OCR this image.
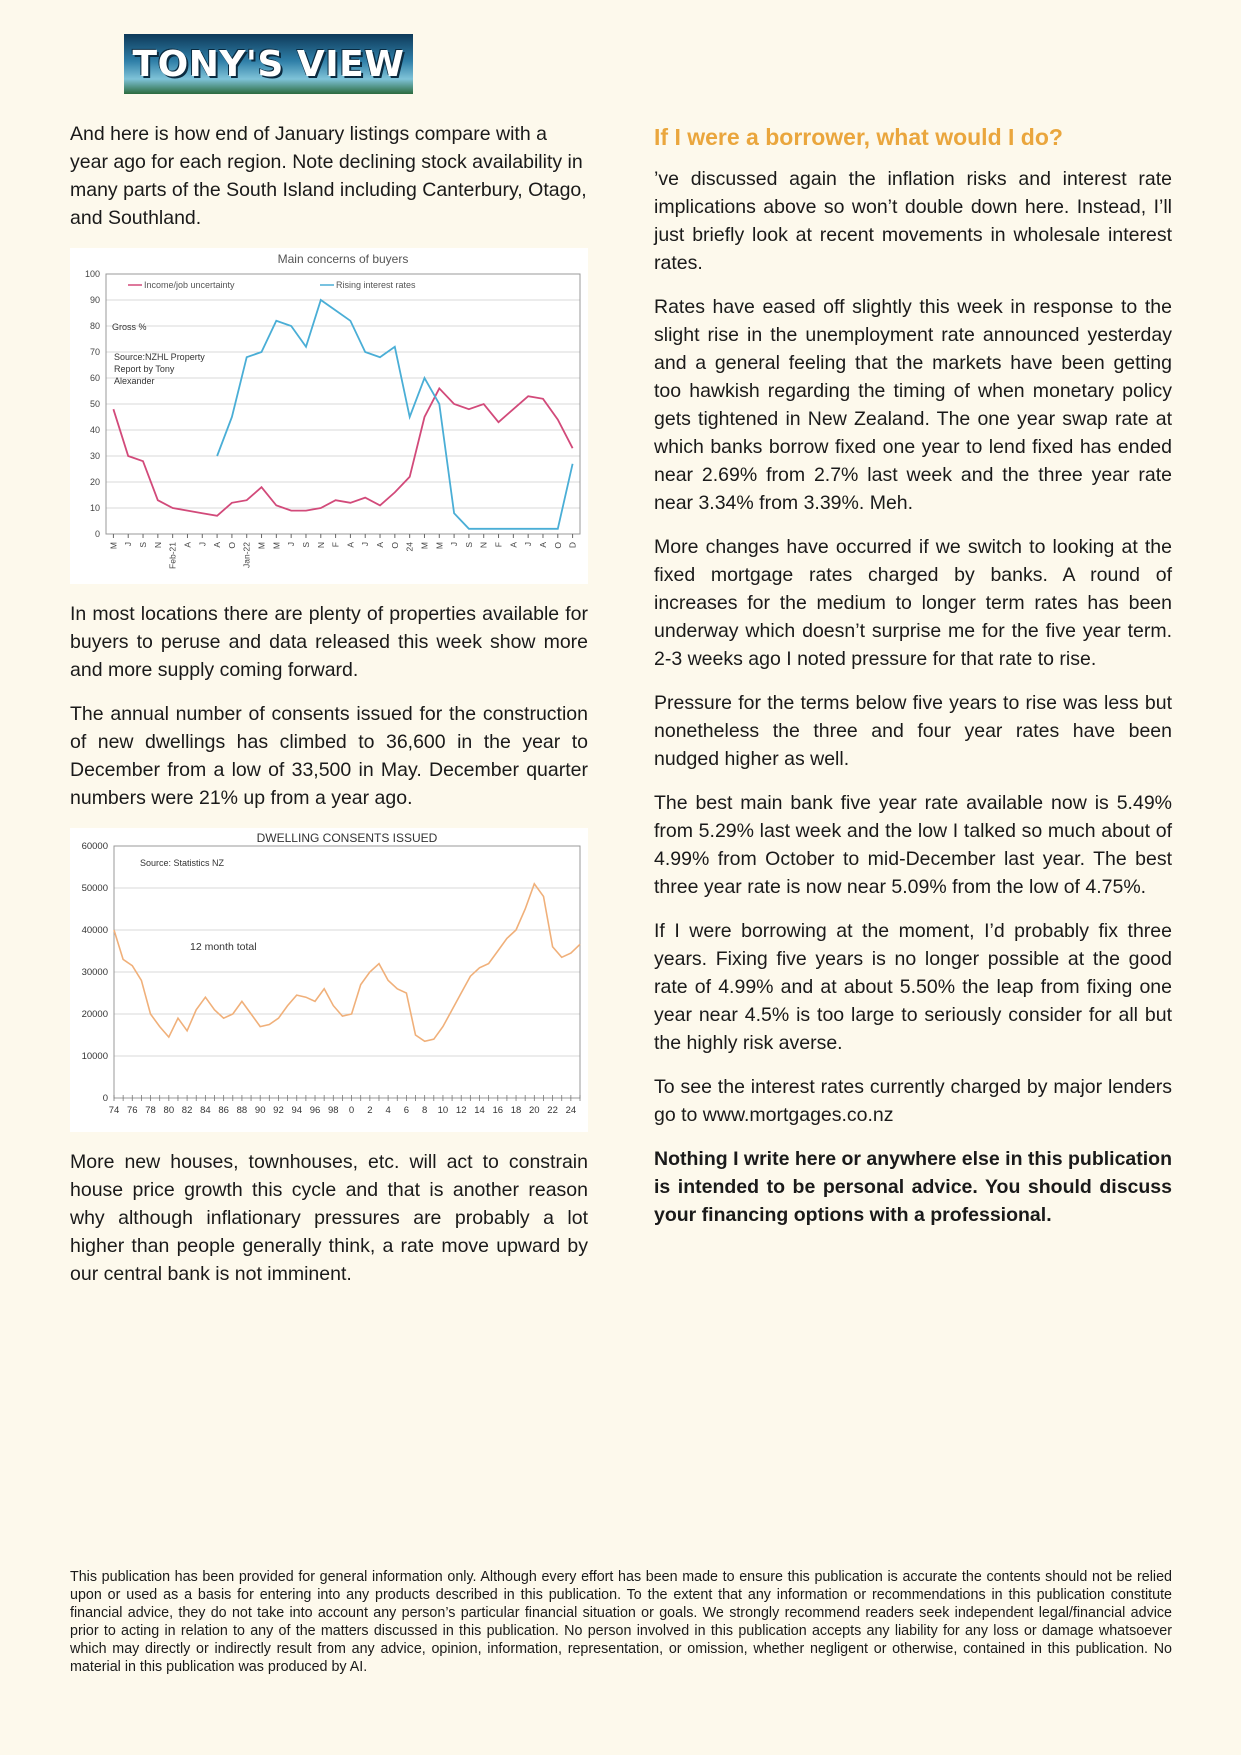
TONY'S VIEW

And here is how end of January listings compare with a year ago for each region. Note declining stock availability in many parts of the South Island including Canterbury, Otago, and Southland.

Main concerns of buyers
0
10
20
30
40
50
60
70
80
90
100
M J S N Feb-21 A J A O Jan-22 M M J S N F A J A O 24 M M J S N F A J A O D
Income/job uncertainty	Rising interest rates
Gross %
Source:NZHL Property
Report by Tony
Alexander

In most locations there are plenty of properties available for buyers to peruse and data released this week show more and more supply coming forward.

The annual number of consents issued for the construction of new dwellings has climbed to 36,600 in the year to December from a low of 33,500 in May. December quarter numbers were 21% up from a year ago.

DWELLING CONSENTS ISSUED
0
10000
20000
30000
40000
50000
60000
74 76 78 80 82 84 86 88 90 92 94 96 98 0 2 4 6 8 10 12 14 16 18 20 22 24
Source: Statistics NZ
12 month total

More new houses, townhouses, etc. will act to constrain house price growth this cycle and that is another reason why although inflationary pressures are probably a lot higher than people generally think, a rate move upward by our central bank is not imminent.

If I were a borrower, what would I do?

’ve discussed again the inflation risks and interest rate implications above so won’t double down here. Instead, I’ll just briefly look at recent movements in wholesale interest rates.

Rates have eased off slightly this week in response to the slight rise in the unemployment rate announced yesterday and a general feeling that the markets have been getting too hawkish regarding the timing of when monetary policy gets tightened in New Zealand. The one year swap rate at which banks borrow fixed one year to lend fixed has ended near 2.69% from 2.7% last week and the three year rate near 3.34% from 3.39%. Meh.

More changes have occurred if we switch to looking at the fixed mortgage rates charged by banks. A round of increases for the medium to longer term rates has been underway which doesn’t surprise me for the five year term. 2-3 weeks ago I noted pressure for that rate to rise.

Pressure for the terms below five years to rise was less but nonetheless the three and four year rates have been nudged higher as well.

The best main bank five year rate available now is 5.49% from 5.29% last week and the low I talked so much about of 4.99% from October to mid-December last year. The best three year rate is now near 5.09% from the low of 4.75%.

If I were borrowing at the moment, I’d probably fix three years. Fixing five years is no longer possible at the good rate of 4.99% and at about 5.50% the leap from fixing one year near 4.5% is too large to seriously consider for all but the highly risk averse.

To see the interest rates currently charged by major lenders go to www.mortgages.co.nz

Nothing I write here or anywhere else in this publication is intended to be personal advice. You should discuss your financing options with a professional.

This publication has been provided for general information only. Although every effort has been made to ensure this publication is accurate the contents should not be relied upon or used as a basis for entering into any products described in this publication. To the extent that any information or recommendations in this publication constitute financial advice, they do not take into account any person’s particular financial situation or goals. We strongly recommend readers seek independent legal/financial advice prior to acting in relation to any of the matters discussed in this publication. No person involved in this publication accepts any liability for any loss or damage whatsoever which may directly or indirectly result from any advice, opinion, information, representation, or omission, whether negligent or otherwise, contained in this publication. No material in this publication was produced by AI.
